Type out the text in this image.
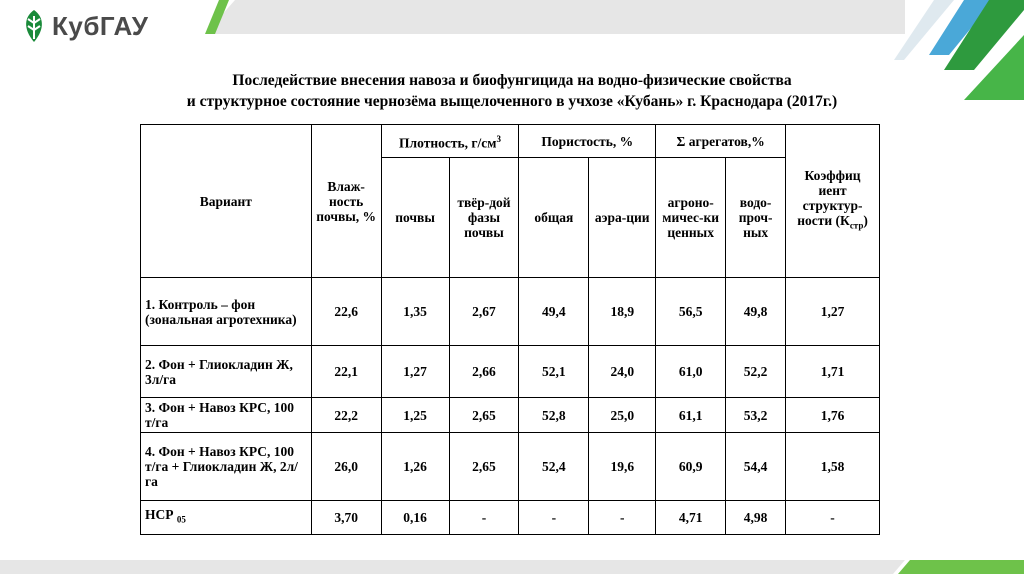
КубГАУ
Последействие внесения навоза и биофунгицида на водно-физические свойства
и структурное состояние чернозёма выщелоченного в учхозе «Кубань» г. Краснодара (2017г.)
Вариант	Влаж-ность почвы, %	Плотность, $г/см^3$		Пористость, %		Σ агрегатов,%		Коэффиц иент структур-ности $(К_{стр})$
		почвы	твёр-дой фазы почвы	общая	аэра-ции	агроно-мичес-ки ценных	водо-проч-ных	
1. Контроль – фон (зональная агротехника)	22,6	1,35	2,67	49,4	18,9	56,5	49,8	1,27
2. Фон + Глиокладин Ж, 3л/га	22,1	1,27	2,66	52,1	24,0	61,0	52,2	1,71
3. Фон + Навоз КРС, 100 т/га	22,2	1,25	2,65	52,8	25,0	61,1	53,2	1,76
4. Фон + Навоз КРС, 100 т/га + Глиокладин Ж, 2л/га	26,0	1,26	2,65	52,4	19,6	60,9	54,4	1,58
НСР $_{05}$	3,70	0,16	-	-	-	4,71	4,98	-
